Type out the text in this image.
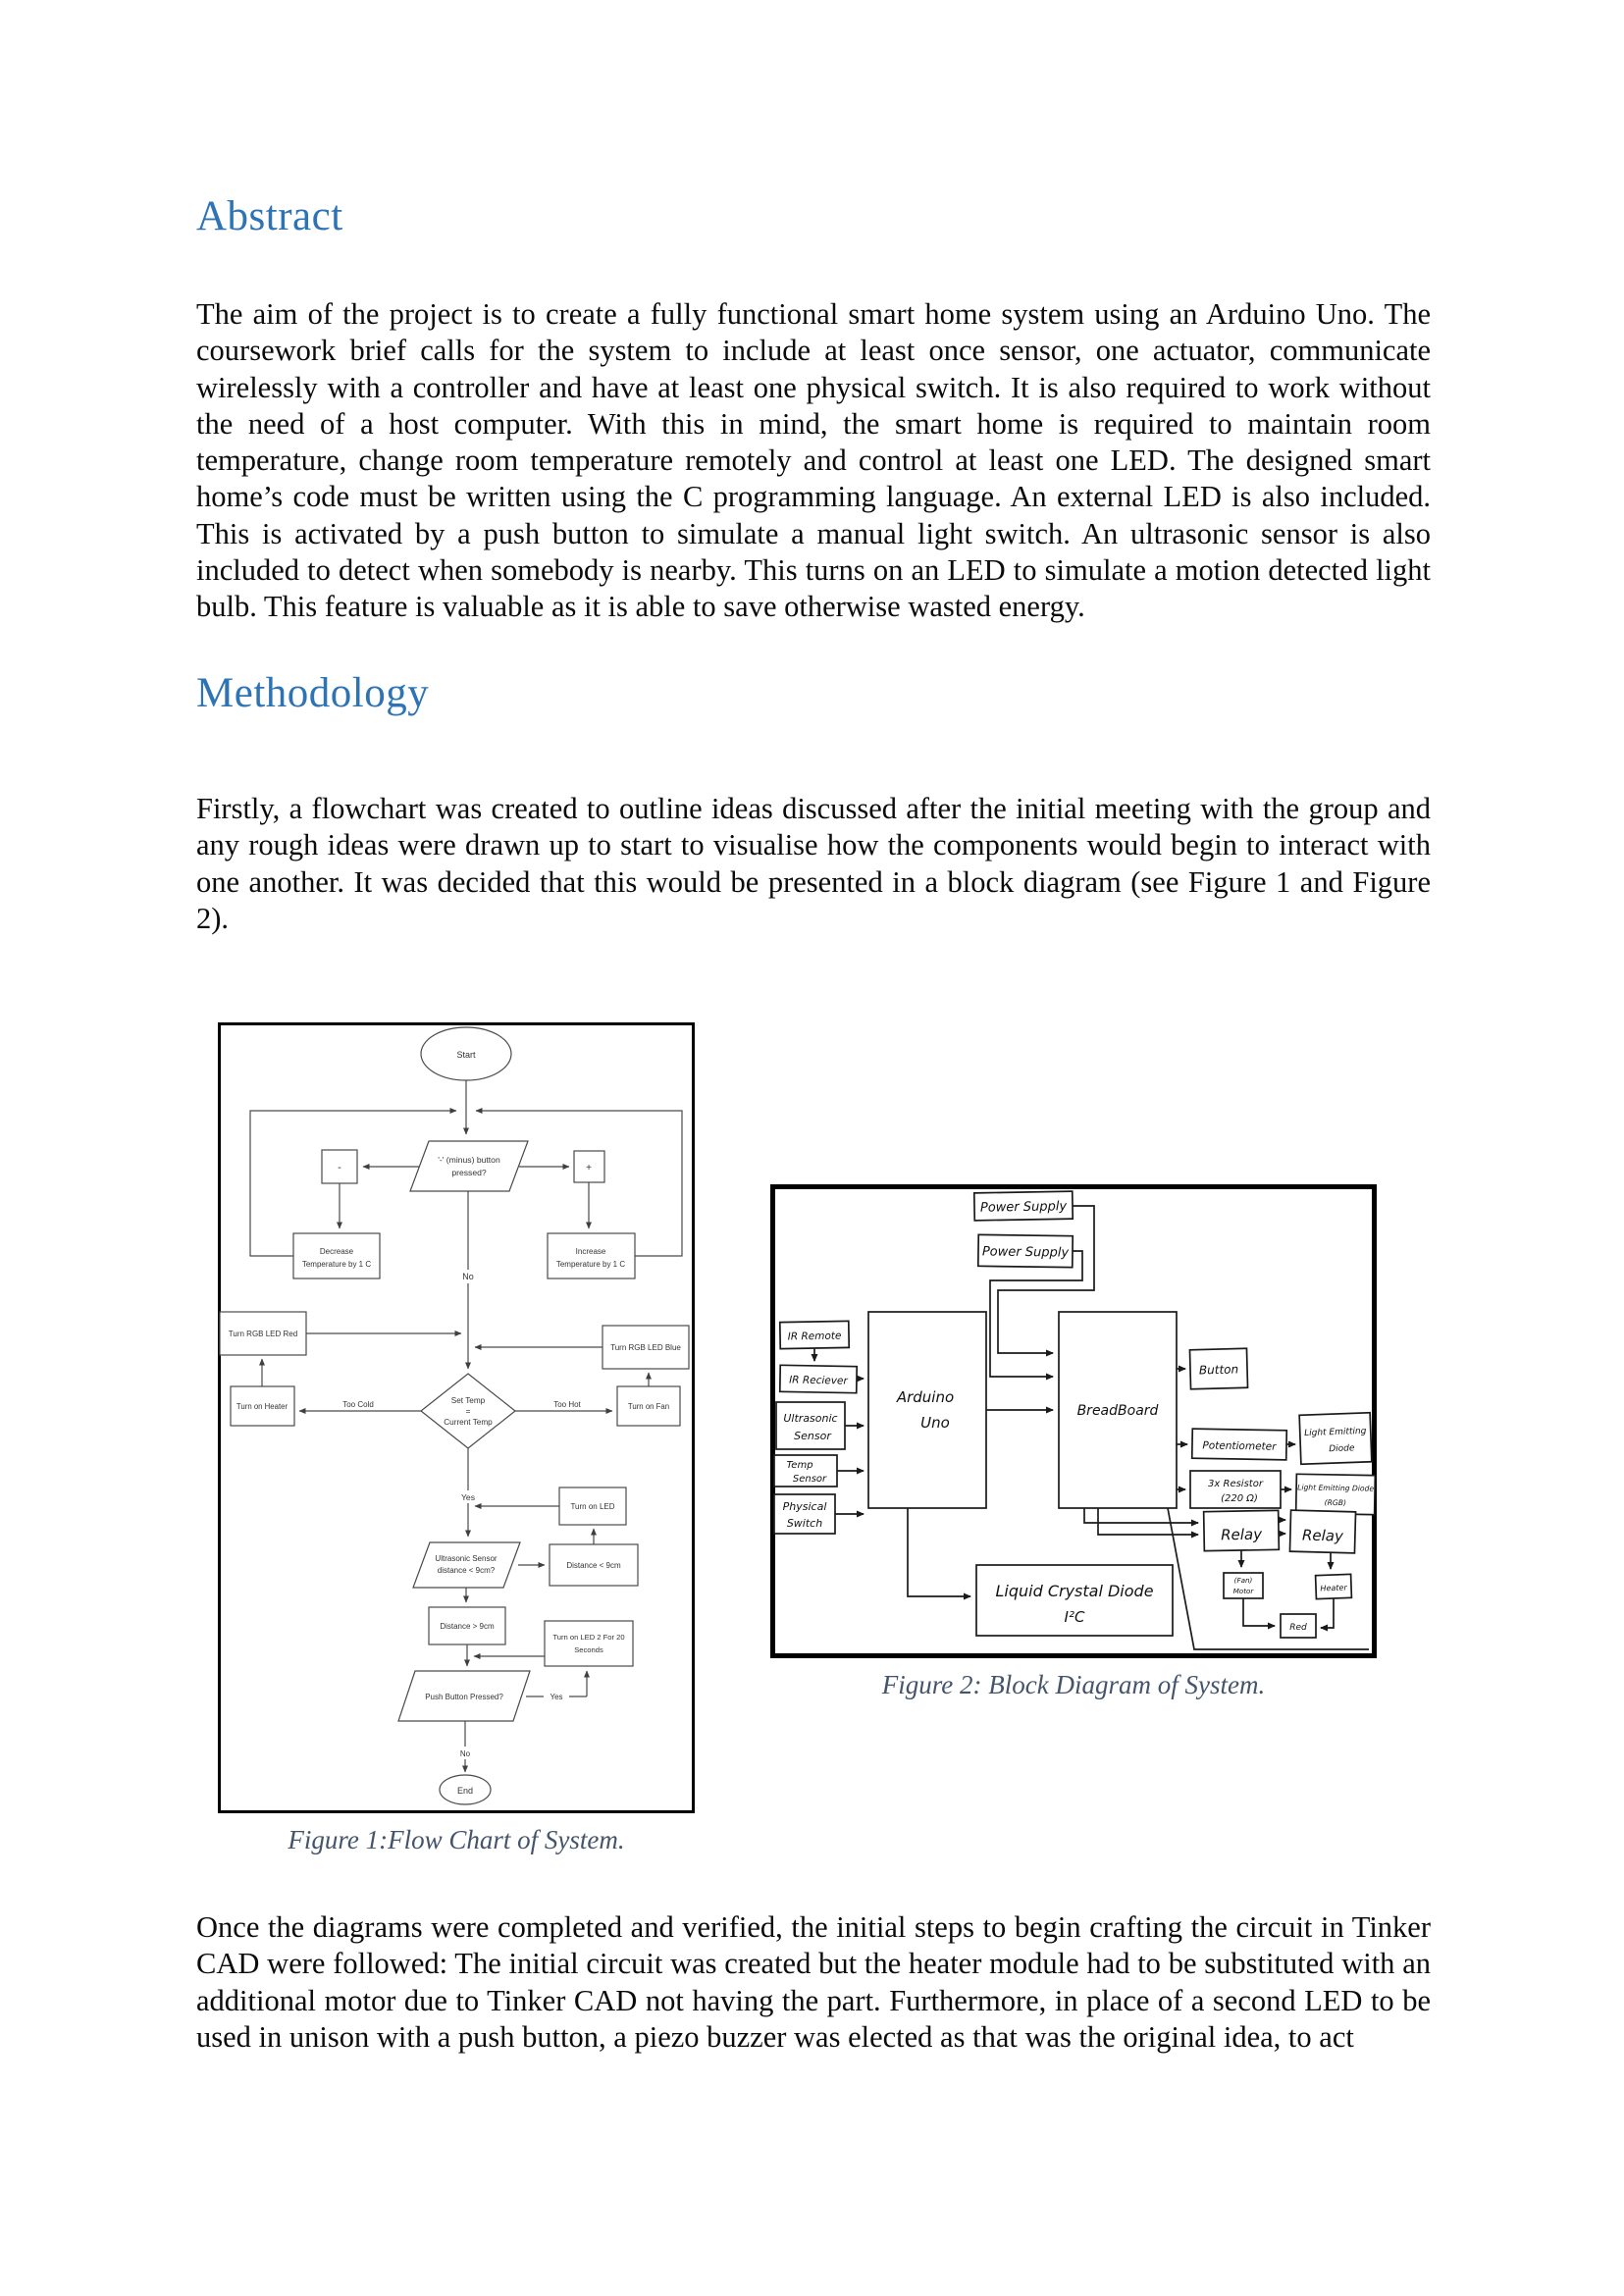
Abstract
The aim of the project is to create a fully functional smart home system using an Arduino Uno. The coursework brief calls for the system to include at least once sensor, one actuator, communicate wirelessly with a controller and have at least one physical switch. It is also required to work without the need of a host computer. With this in mind, the smart home is required to maintain room temperature, change room temperature remotely and control at least one LED. The designed smart home’s code must be written using the C programming language. An external LED is also included. This is activated by a push button to simulate a manual light switch. An ultrasonic sensor is also included to detect when somebody is nearby. This turns on an LED to simulate a motion detected light bulb. This feature is valuable as it is able to save otherwise wasted energy.
Methodology
Firstly, a flowchart was created to outline ideas discussed after the initial meeting with the group and any rough ideas were drawn up to start to visualise how the components would begin to interact with one another. It was decided that this would be presented in a block diagram (see Figure 1 and Figure 2).
Start
'-' (minus) button
pressed?
-	+
Decrease
Temperature by 1 C
Increase
Temperature by 1 C
No
Turn RGB LED Red
Turn RGB LED Blue
Set Temp
=
Current Temp
Too Cold	Too Hot
Turn on Heater	Turn on Fan
Yes
Turn on LED
Ultrasonic Sensor
distance < 9cm?
Distance < 9cm
Distance > 9cm
Turn on LED 2 For 20
Seconds
Push Button Pressed?	Yes
No
End
Figure 1:Flow Chart of System.
Power Supply
Power Supply
IR Remote
IR Reciever
Ultrasonic
Sensor
Temp
Sensor
Physical
Switch
Arduino
Uno
BreadBoard
Button
Potentiometer
Light Emitting
Diode
3x Resistor
(220 Ω)
Light Emitting Diode
(RGB)
Relay	Relay
(Fan)
Motor	Heater
Red
Liquid Crystal Diode
I²C
Figure 2: Block Diagram of System.
Once the diagrams were completed and verified, the initial steps to begin crafting the circuit in Tinker CAD were followed: The initial circuit was created but the heater module had to be substituted with an additional motor due to Tinker CAD not having the part. Furthermore, in place of a second LED to be used in unison with a push button, a piezo buzzer was elected as that was the original idea, to act
